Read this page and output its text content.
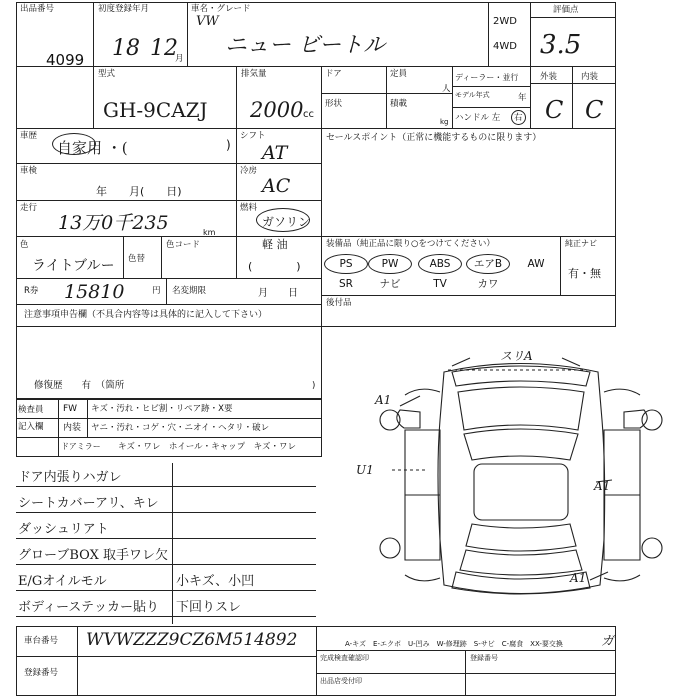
出品番号
4099
初度登録年月
18 12
月
車名・グレード
VW
ニュー ビートル
2WD
4WD
評価点
3.5
型式
GH-9CAZJ
排気量
2000 cc
ドア	定員
人
ディーラー・並行
モデル年式	年
形状	積載
kg ハンドル 左 右
外装	内装
C C
車歴
自家用 ・(	)
シフト
AT
セールスポイント（正常に機能するものに限ります）
車検
年　　月(　　日)
冷房
AC
走行
13万0千235	km
燃料
ガソリン
軽 油
(　　　　)
色
ライトブルー 色替
色コード	装備品（純正品に限り○をつけてください）	純正ナビ
有・無
R券 15810	円 名変期限	月　　日
後付品
注意事項申告欄（不具合内容等は具体的に記入して下さい）
修復歴　　有　（箇所	)
PS	PW	ABS	エアB	AW
SR	ナビ	TV	カワ
検査員
記入欄
FW キズ・汚れ・ヒビ割・リペア跡・X要
内装 ヤニ・汚れ・コゲ・穴・ニオイ・ヘタリ・破レ
ドアミラー キズ・ワレ　ホイール・キャップ　キズ・ワレ
ドア内張りハガレ
シートカバーアリ、キレ
ダッシュリアト
グローブBOX 取手ワレ欠
E/Gオイルモル	小キズ、小凹
ボディーステッカー貼り 下回りスレ
車台番号 WVWZZZ9CZ6M514892
登録番号
A-キズ　E-エクボ　U-凹み　W-修理跡　S-サビ　C-腐食　XX-要交換	ガ
完成検査確認印	登録番号
出品店受付印
スリA
A1
U1
A1
A1
